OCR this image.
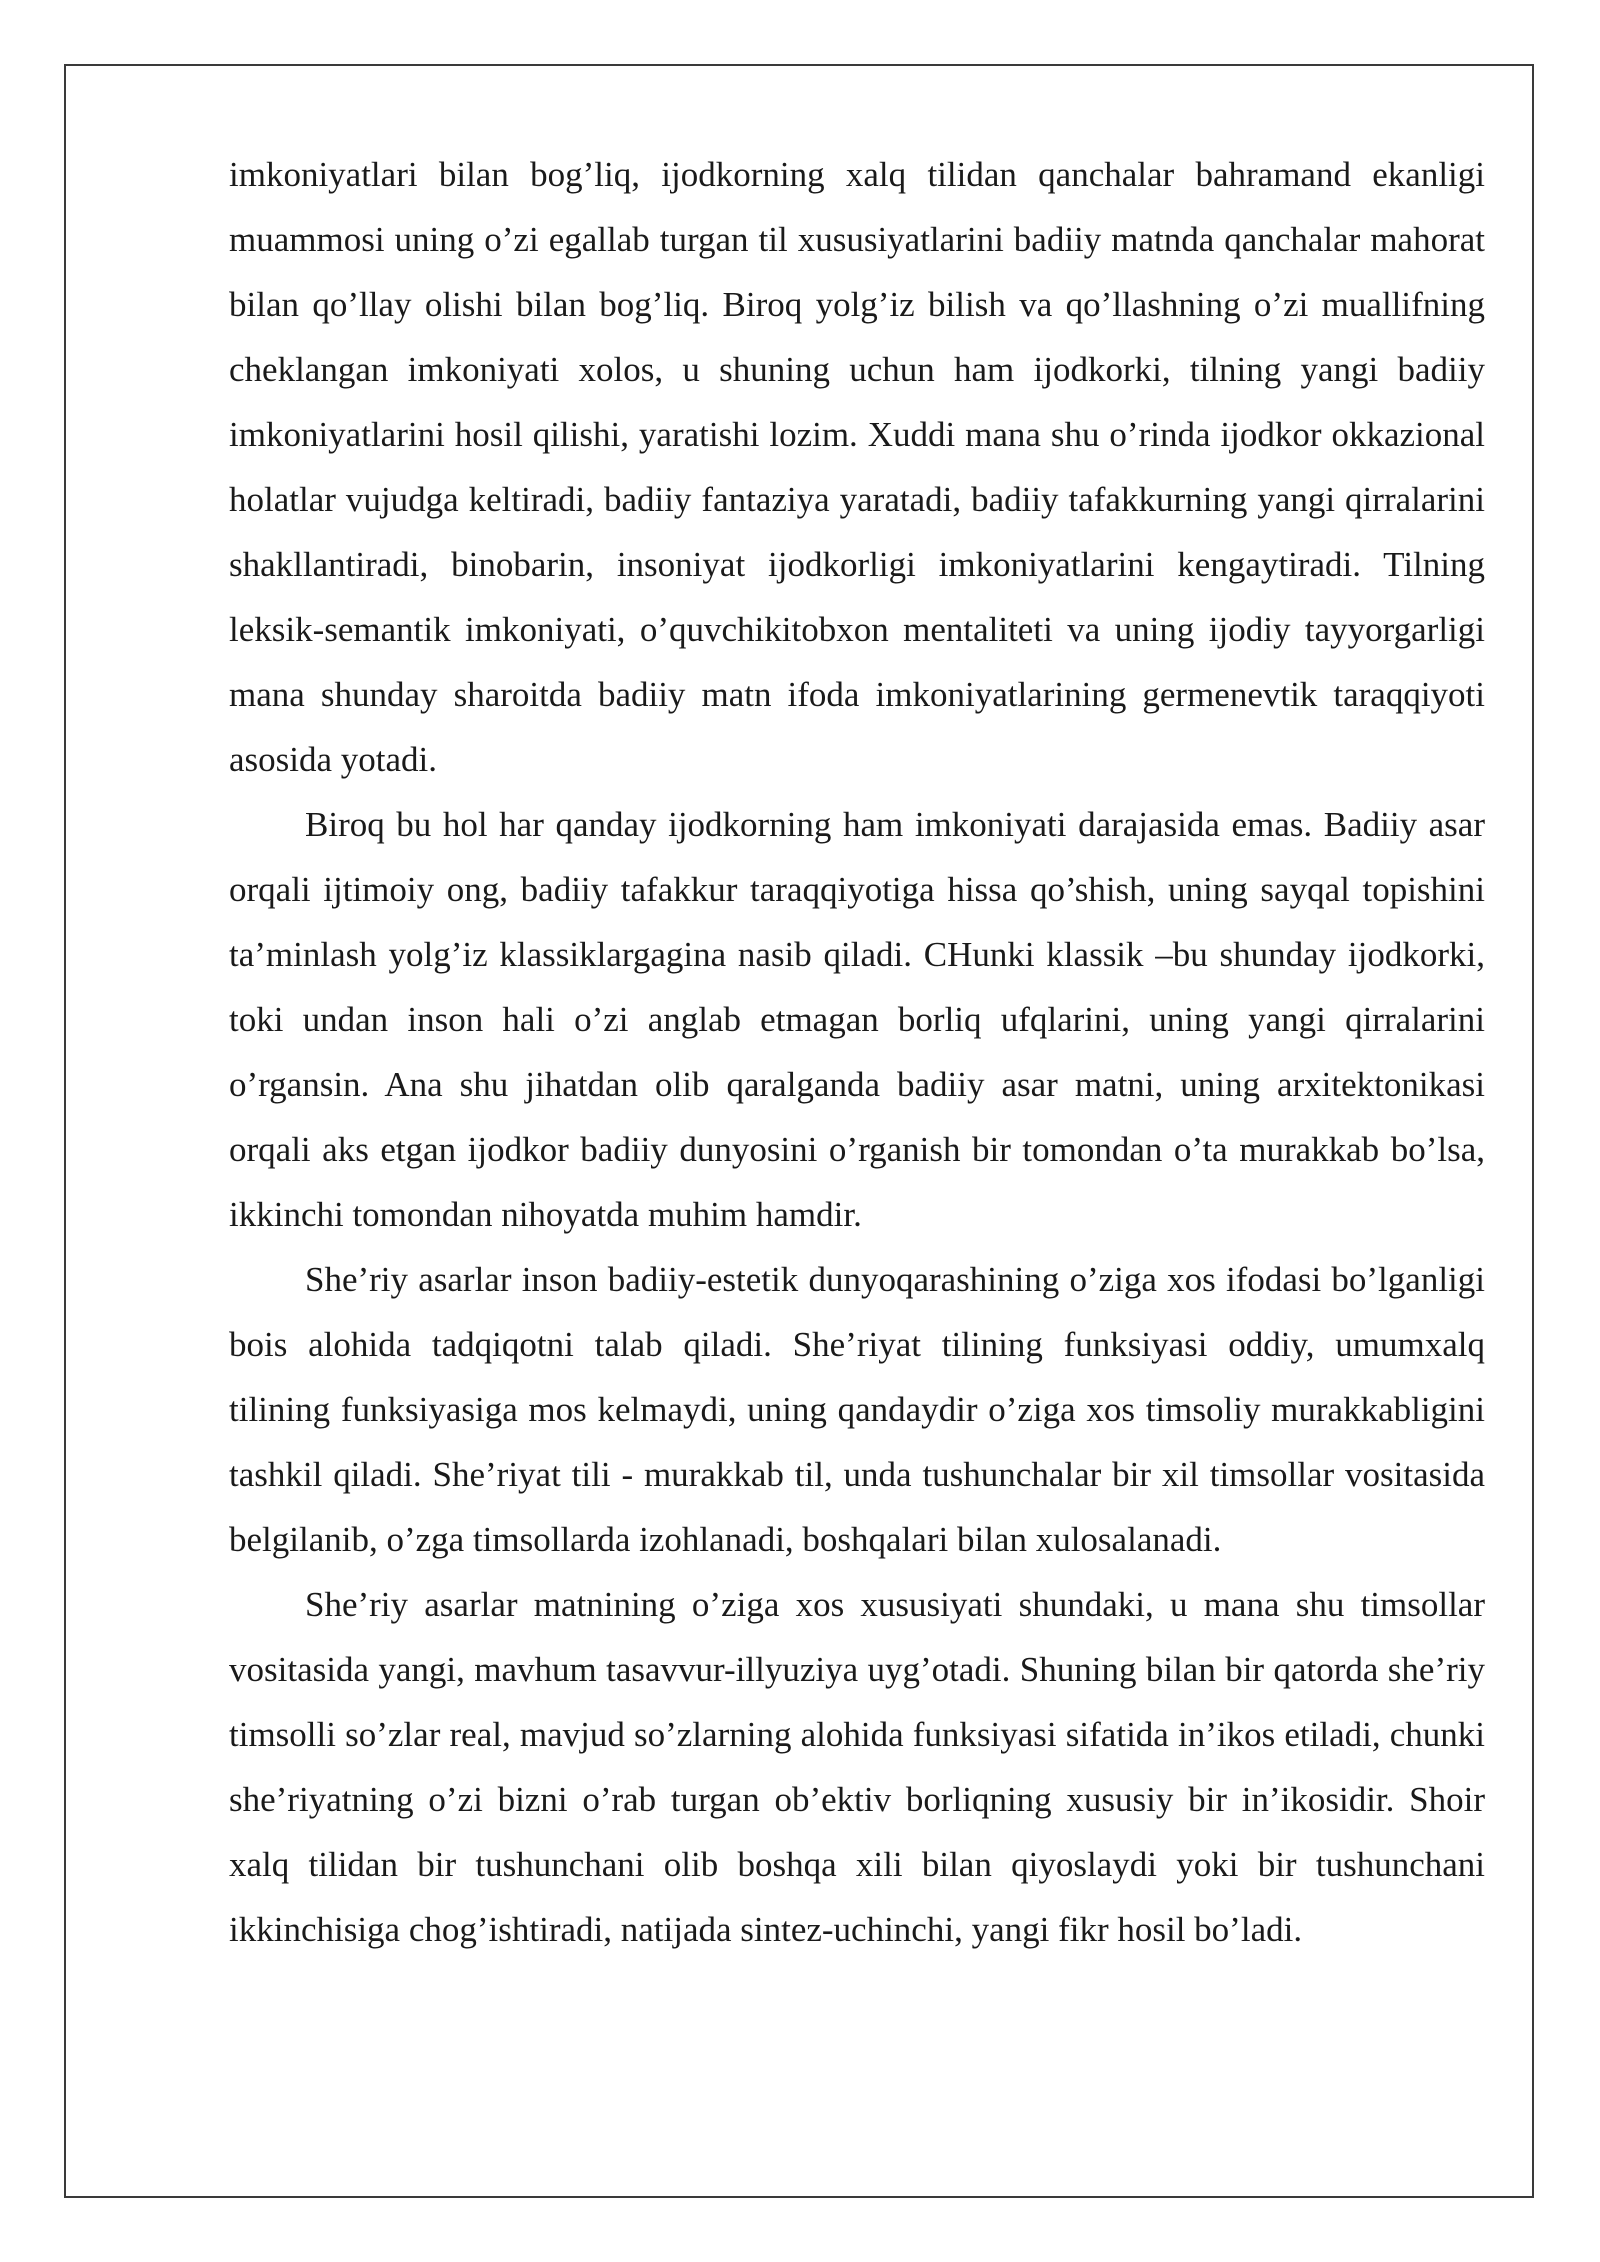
imkoniyatlari bilan bog’liq, ijodkorning xalq tilidan qanchalar bahramand ekanligi muammosi uning o’zi egallab turgan til xususiyatlarini badiiy matnda qanchalar mahorat bilan qo’llay olishi bilan bog’liq. Biroq yolg’iz bilish va qo’llashning o’zi muallifning cheklangan imkoniyati xolos, u shuning uchun ham ijodkorki, tilning yangi badiiy imkoniyatlarini hosil qilishi, yaratishi lozim. Xuddi mana shu o’rinda ijodkor okkazional holatlar vujudga keltiradi, badiiy fantaziya yaratadi, badiiy tafakkurning yangi qirralarini shakllantiradi, binobarin, insoniyat ijodkorligi imkoniyatlarini kengaytiradi. Tilning leksik-semantik imkoniyati, o’quvchikitobxon mentaliteti va uning ijodiy tayyorgarligi mana shunday sharoitda badiiy matn ifoda imkoniyatlarining germenevtik taraqqiyoti asosida yotadi.

Biroq bu hol har qanday ijodkorning ham imkoniyati darajasida emas. Badiiy asar orqali ijtimoiy ong, badiiy tafakkur taraqqiyotiga hissa qo’shish, uning sayqal topishini ta’minlash yolg’iz klassiklargagina nasib qiladi. CHunki klassik –bu shunday ijodkorki, toki undan inson hali o’zi anglab etmagan borliq ufqlarini, uning yangi qirralarini o’rgansin. Ana shu jihatdan olib qaralganda badiiy asar matni, uning arxitektonikasi orqali aks etgan ijodkor badiiy dunyosini o’rganish bir tomondan o’ta murakkab bo’lsa, ikkinchi tomondan nihoyatda muhim hamdir.

She’riy asarlar inson badiiy-estetik dunyoqarashining o’ziga xos ifodasi bo’lganligi bois alohida tadqiqotni talab qiladi. She’riyat tilining funksiyasi oddiy, umumxalq tilining funksiyasiga mos kelmaydi, uning qandaydir o’ziga xos timsoliy murakkabligini tashkil qiladi. She’riyat tili - murakkab til, unda tushunchalar bir xil timsollar vositasida belgilanib, o’zga timsollarda izohlanadi, boshqalari bilan xulosalanadi.

She’riy asarlar matnining o’ziga xos xususiyati shundaki, u mana shu timsollar vositasida yangi, mavhum tasavvur-illyuziya uyg’otadi. Shuning bilan bir qatorda she’riy timsolli so’zlar real, mavjud so’zlarning alohida funksiyasi sifatida in’ikos etiladi, chunki she’riyatning o’zi bizni o’rab turgan ob’ektiv borliqning xususiy bir in’ikosidir. Shoir xalq tilidan bir tushunchani olib boshqa xili bilan qiyoslaydi yoki bir tushunchani ikkinchisiga chog’ishtiradi, natijada sintez-uchinchi, yangi fikr hosil bo’ladi.
